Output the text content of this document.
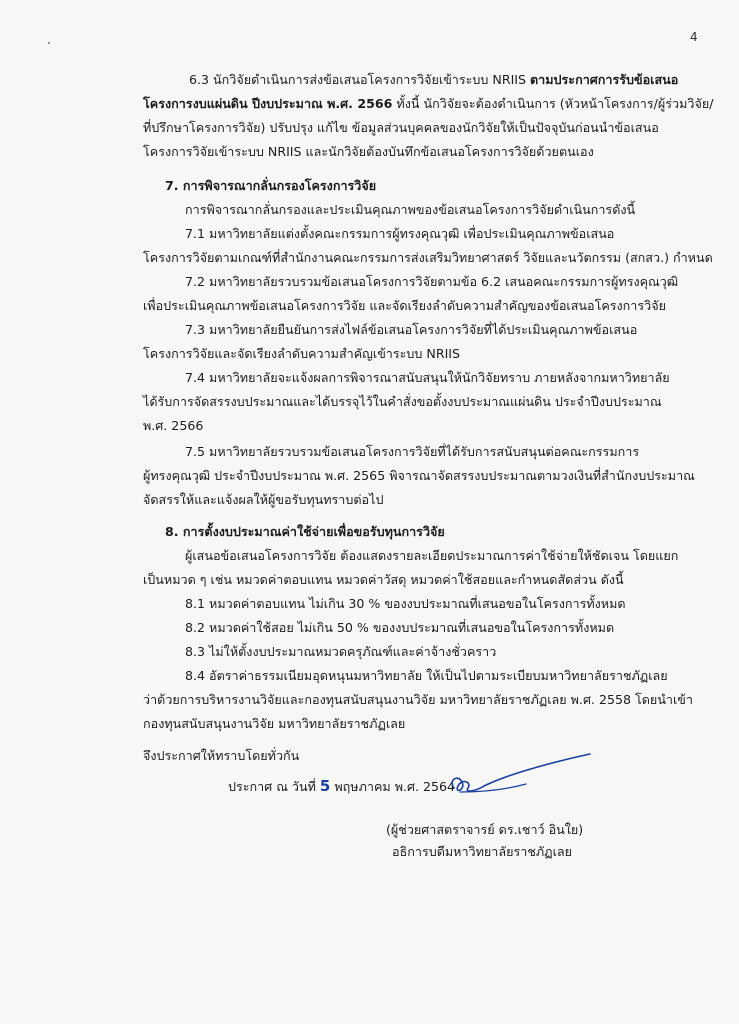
4
6.3 นักวิจัยดำเนินการส่งข้อเสนอโครงการวิจัยเข้าระบบ NRIIS ตามประกาศการรับข้อเสนอ
โครงการงบแผ่นดิน ปีงบประมาณ พ.ศ. 2566 ทั้งนี้ นักวิจัยจะต้องดำเนินการ (หัวหน้าโครงการ/ผู้ร่วมวิจัย/
ที่ปรึกษาโครงการวิจัย) ปรับปรุง แก้ไข ข้อมูลส่วนบุคคลของนักวิจัยให้เป็นปัจจุบันก่อนนำข้อเสนอ
โครงการวิจัยเข้าระบบ NRIIS และนักวิจัยต้องบันทึกข้อเสนอโครงการวิจัยด้วยตนเอง
7. การพิจารณากลั่นกรองโครงการวิจัย
การพิจารณากลั่นกรองและประเมินคุณภาพของข้อเสนอโครงการวิจัยดำเนินการดังนี้
7.1 มหาวิทยาลัยแต่งตั้งคณะกรรมการผู้ทรงคุณวุฒิ เพื่อประเมินคุณภาพข้อเสนอ
โครงการวิจัยตามเกณฑ์ที่สำนักงานคณะกรรมการส่งเสริมวิทยาศาสตร์ วิจัยและนวัตกรรม (สกสว.) กำหนด
7.2 มหาวิทยาลัยรวบรวมข้อเสนอโครงการวิจัยตามข้อ 6.2 เสนอคณะกรรมการผู้ทรงคุณวุฒิ
เพื่อประเมินคุณภาพข้อเสนอโครงการวิจัย และจัดเรียงลำดับความสำคัญของข้อเสนอโครงการวิจัย
7.3 มหาวิทยาลัยยืนยันการส่งไฟล์ข้อเสนอโครงการวิจัยที่ได้ประเมินคุณภาพข้อเสนอ
โครงการวิจัยและจัดเรียงลำดับความสำคัญเข้าระบบ NRIIS
7.4 มหาวิทยาลัยจะแจ้งผลการพิจารณาสนับสนุนให้นักวิจัยทราบ ภายหลังจากมหาวิทยาลัย
ได้รับการจัดสรรงบประมาณและได้บรรจุไว้ในคำสั่งขอตั้งงบประมาณแผ่นดิน ประจำปีงบประมาณ
พ.ศ. 2566
7.5 มหาวิทยาลัยรวบรวมข้อเสนอโครงการวิจัยที่ได้รับการสนับสนุนต่อคณะกรรมการ
ผู้ทรงคุณวุฒิ ประจำปีงบประมาณ พ.ศ. 2565 พิจารณาจัดสรรงบประมาณตามวงเงินที่สำนักงบประมาณ
จัดสรรให้และแจ้งผลให้ผู้ขอรับทุนทราบต่อไป
8. การตั้งงบประมาณค่าใช้จ่ายเพื่อขอรับทุนการวิจัย
ผู้เสนอข้อเสนอโครงการวิจัย ต้องแสดงรายละเอียดประมาณการค่าใช้จ่ายให้ชัดเจน โดยแยก
เป็นหมวด ๆ เช่น หมวดค่าตอบแทน หมวดค่าวัสดุ หมวดค่าใช้สอยและกำหนดสัดส่วน ดังนี้
8.1 หมวดค่าตอบแทน ไม่เกิน 30 % ของงบประมาณที่เสนอขอในโครงการทั้งหมด
8.2 หมวดค่าใช้สอย ไม่เกิน 50 % ของงบประมาณที่เสนอขอในโครงการทั้งหมด
8.3 ไม่ให้ตั้งงบประมาณหมวดครุภัณฑ์และค่าจ้างชั่วคราว
8.4 อัตราค่าธรรมเนียมอุดหนุนมหาวิทยาลัย ให้เป็นไปตามระเบียบมหาวิทยาลัยราชภัฏเลย
ว่าด้วยการบริหารงานวิจัยและกองทุนสนับสนุนงานวิจัย มหาวิทยาลัยราชภัฏเลย พ.ศ. 2558 โดยนำเข้า
กองทุนสนับสนุนงานวิจัย มหาวิทยาลัยราชภัฏเลย
จึงประกาศให้ทราบโดยทั่วกัน
ประกาศ ณ วันที่ 5 พฤษภาคม พ.ศ. 2564
(ผู้ช่วยศาสตราจารย์ ดร.เชาว์ อินใย)
อธิการบดีมหาวิทยาลัยราชภัฏเลย
